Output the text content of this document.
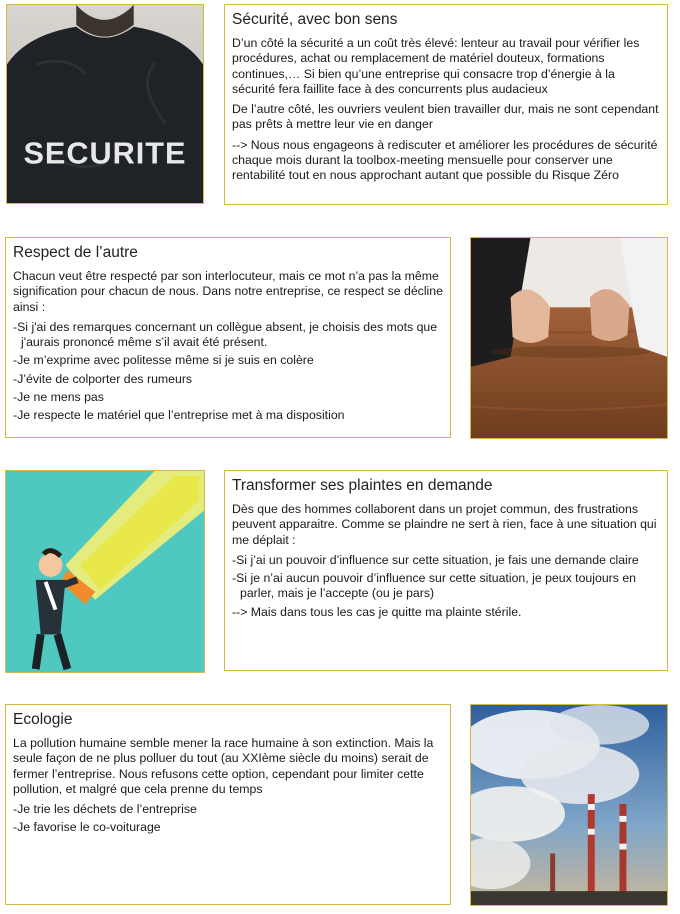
SECURITE
Sécurité, avec bon sens

D’un côté la sécurité a un coût très élevé: lenteur au travail pour vérifier les procédures, achat ou remplacement de matériel douteux, formations continues,… Si bien qu’une entreprise qui consacre trop d’énergie à la sécurité fera faillite face à des concurrents plus audacieux

De l’autre côté, les ouvriers veulent bien travailler dur, mais ne sont cependant pas prêts à mettre leur vie en danger

--> Nous nous engageons à rediscuter et améliorer les procédures de sécurité chaque mois durant la toolbox-meeting mensuelle pour conserver une rentabilité tout en nous approchant autant que possible du Risque Zéro

Respect de l’autre

Chacun veut être respecté par son interlocuteur, mais ce mot n’a pas la même signification pour chacun de nous. Dans notre entreprise, ce respect se décline ainsi :

- Si j'ai des remarques concernant un collègue absent, je choisis des mots que j'aurais prononcé même s’il avait été présent.
- Je m’exprime avec politesse même si je suis en colère
- J’évite de colporter des rumeurs
- Je ne mens pas
- Je respecte le matériel que l’entreprise met à ma disposition
Transformer ses plaintes en demande

Dès que des hommes collaborent dans un projet commun, des frustrations peuvent apparaitre. Comme se plaindre ne sert à rien, face à une situation qui me déplait :

- Si j’ai un pouvoir d’influence sur cette situation, je fais une demande claire
- Si je n’ai aucun pouvoir d’influence sur cette situation, je peux toujours en parler, mais je l’accepte (ou je pars)

--> Mais dans tous les cas je quitte ma plainte stérile.

Ecologie

La pollution humaine semble mener la race humaine à son extinction. Mais la seule façon de ne plus polluer du tout (au XXIème siècle du moins) serait de fermer l’entreprise. Nous refusons cette option, cependant pour limiter cette pollution, et malgré que cela prenne du temps

- Je trie les déchets de l’entreprise
- Je favorise le co-voiturage
